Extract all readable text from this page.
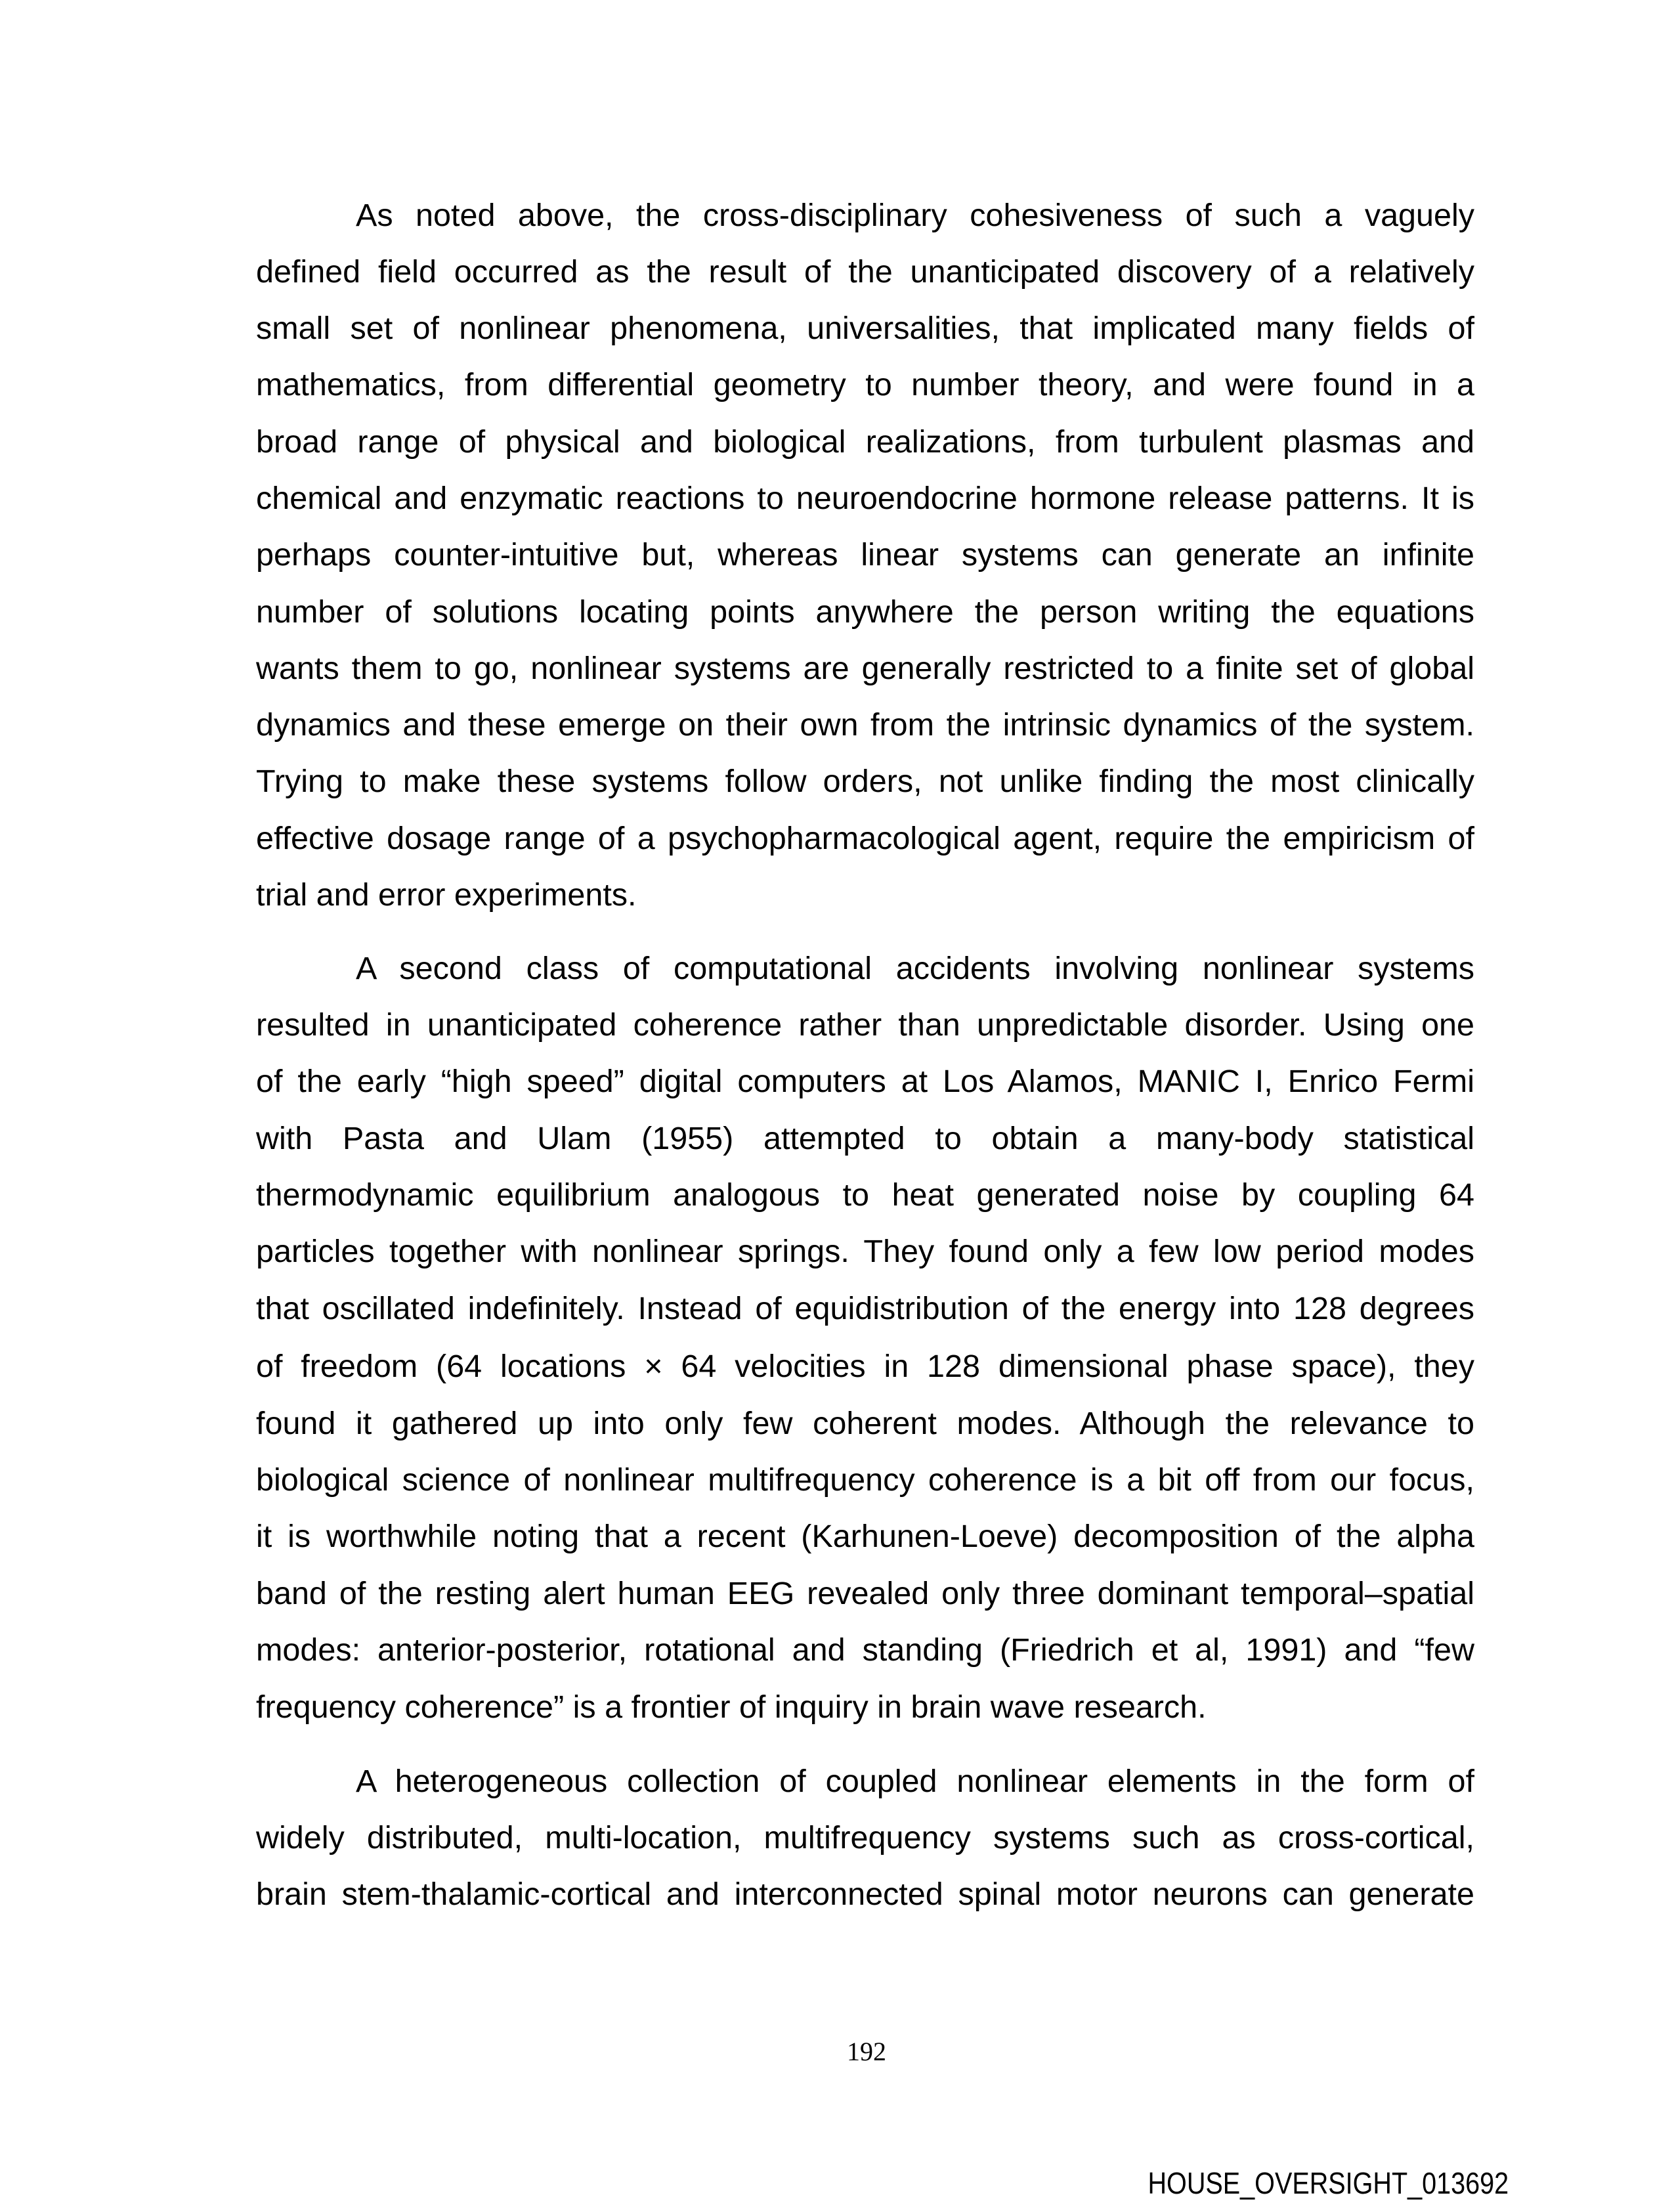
As noted above, the cross-disciplinary cohesiveness of such a vaguely
defined field occurred as the result of the unanticipated discovery of a relatively
small set of nonlinear phenomena, universalities, that implicated many fields of
mathematics, from differential geometry to number theory, and were found in a
broad range of physical and biological realizations, from turbulent plasmas and
chemical and enzymatic reactions to neuroendocrine hormone release patterns. It is
perhaps counter-intuitive but, whereas linear systems can generate an infinite
number of solutions locating points anywhere the person writing the equations
wants them to go, nonlinear systems are generally restricted to a finite set of global
dynamics and these emerge on their own from the intrinsic dynamics of the system.
Trying to make these systems follow orders, not unlike finding the most clinically
effective dosage range of a psychopharmacological agent, require the empiricism of
trial and error experiments.
A second class of computational accidents involving nonlinear systems
resulted in unanticipated coherence rather than unpredictable disorder. Using one
of the early “high speed” digital computers at Los Alamos, MANIC I, Enrico Fermi
with Pasta and Ulam (1955) attempted to obtain a many-body statistical
thermodynamic equilibrium analogous to heat generated noise by coupling 64
particles together with nonlinear springs. They found only a few low period modes
that oscillated indefinitely. Instead of equidistribution of the energy into 128 degrees
of freedom (64 locations × 64 velocities in 128 dimensional phase space), they
found it gathered up into only few coherent modes. Although the relevance to
biological science of nonlinear multifrequency coherence is a bit off from our focus,
it is worthwhile noting that a recent (Karhunen-Loeve) decomposition of the alpha
band of the resting alert human EEG revealed only three dominant temporal–spatial
modes: anterior-posterior, rotational and standing (Friedrich et al, 1991) and “few
frequency coherence” is a frontier of inquiry in brain wave research.
A heterogeneous collection of coupled nonlinear elements in the form of
widely distributed, multi-location, multifrequency systems such as cross-cortical,
brain stem-thalamic-cortical and interconnected spinal motor neurons can generate
192
HOUSE_OVERSIGHT_013692
